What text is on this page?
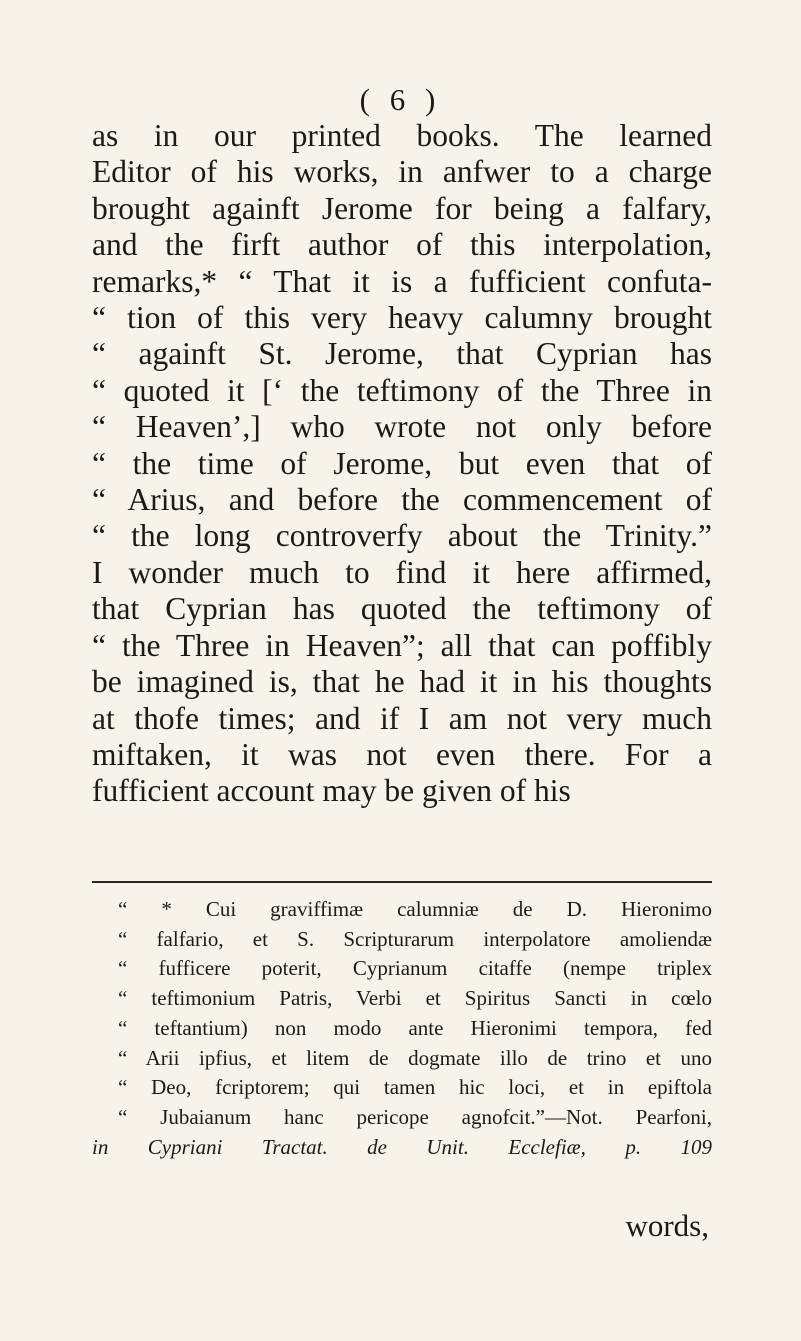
( 6 )
as in our printed books. The learned
Editor of his works, in anfwer to a charge
brought againft Jerome for being a falfary,
and the firft author of this interpolation,
remarks,* “ That it is a fufficient confuta-
“ tion of this very heavy calumny brought
“ againft St. Jerome, that Cyprian has
“ quoted it [‘ the teftimony of the Three in
“ Heaven’,] who wrote not only before
“ the time of Jerome, but even that of
“ Arius, and before the commencement of
“ the long controverfy about the Trinity.”
I wonder much to find it here affirmed,
that Cyprian has quoted the teftimony of
“ the Three in Heaven”; all that can poffibly
be imagined is, that he had it in his thoughts
at thofe times; and if I am not very much
miftaken, it was not even there. For a
fufficient account may be given of his
“ * Cui graviffimæ calumniæ de D. Hieronimo
“ falfario, et S. Scripturarum interpolatore amoliendæ
“ fufficere poterit, Cyprianum citaffe (nempe triplex
“ teftimonium Patris, Verbi et Spiritus Sancti in cœlo
“ teftantium) non modo ante Hieronimi tempora, fed
“ Arii ipfius, et litem de dogmate illo de trino et uno
“ Deo, fcriptorem; qui tamen hic loci, et in epiftola
“ Jubaianum hanc pericope agnofcit.”—Not. Pearfoni,
in Cypriani Tractat. de Unit. Ecclefiæ, p. 109
words,
